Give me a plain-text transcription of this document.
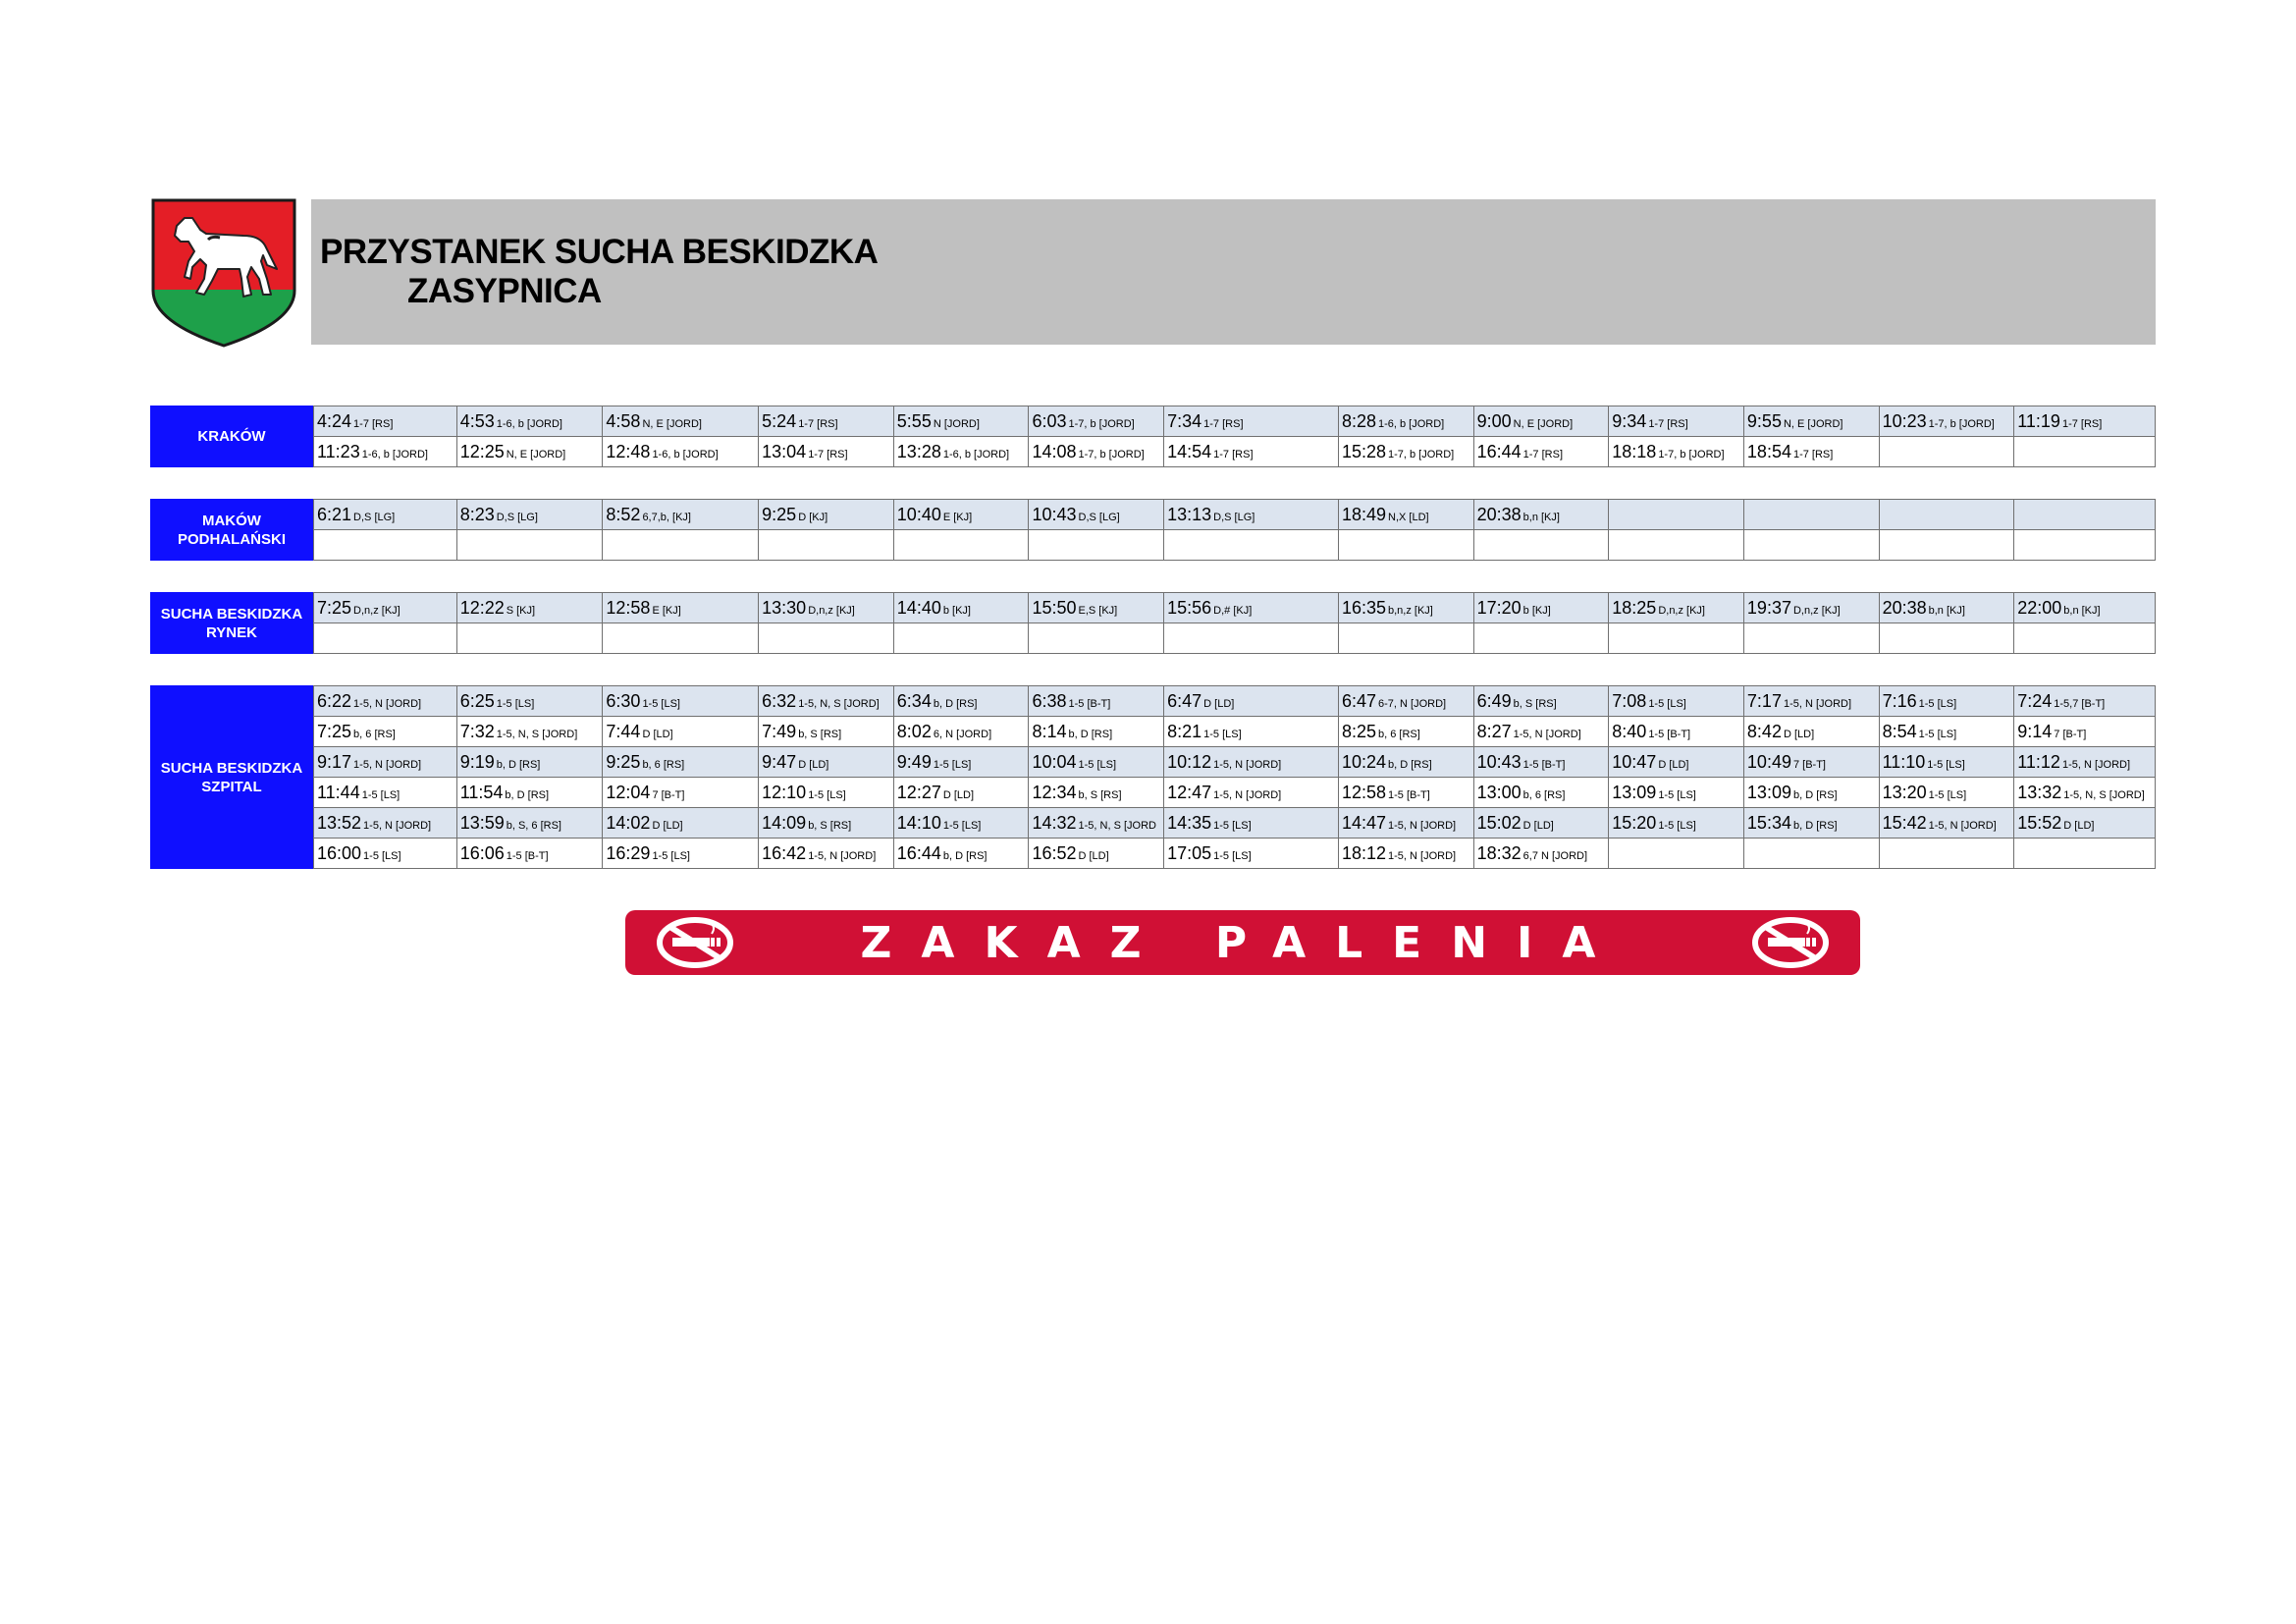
PRZYSTANEK SUCHA BESKIDZKA
ZASYPNICA
KRAKÓW
4:24 1-7 [RS]	4:53 1-6, b [JORD]	4:58 N, E [JORD]	5:24 1-7 [RS]	5:55 N [JORD]	6:03 1-7, b [JORD]	7:34 1-7 [RS]	8:28 1-6, b [JORD]	9:00 N, E [JORD]	9:34 1-7 [RS]	9:55 N, E [JORD]	10:23 1-7, b [JORD]	11:19 1-7 [RS]
11:23 1-6, b [JORD]	12:25 N, E [JORD]	12:48 1-6, b [JORD]	13:04 1-7 [RS]	13:28 1-6, b [JORD]	14:08 1-7, b [JORD]	14:54 1-7 [RS]	15:28 1-7, b [JORD]	16:44 1-7 [RS]	18:18 1-7, b [JORD]	18:54 1-7 [RS]		
MAKÓW
PODHALAŃSKI
6:21 D,S [LG]	8:23 D,S [LG]	8:52 6,7,b, [KJ]	9:25 D [KJ]	10:40 E [KJ]	10:43 D,S [LG]	13:13 D,S [LG]	18:49 N,X [LD]	20:38 b,n [KJ]				

SUCHA BESKIDZKA
RYNEK
7:25 D,n,z [KJ]	12:22 S [KJ]	12:58 E [KJ]	13:30 D,n,z [KJ]	14:40 b [KJ]	15:50 E,S [KJ]	15:56 D,# [KJ]	16:35 b,n,z [KJ]	17:20 b [KJ]	18:25 D,n,z [KJ]	19:37 D,n,z [KJ]	20:38 b,n [KJ]	22:00 b,n [KJ]

SUCHA BESKIDZKA
SZPITAL
6:22 1-5, N [JORD]	6:25 1-5 [LS]	6:30 1-5 [LS]	6:32 1-5, N, S [JORD]	6:34 b, D [RS]	6:38 1-5 [B-T]	6:47 D [LD]	6:47 6-7, N [JORD]	6:49 b, S [RS]	7:08 1-5 [LS]	7:17 1-5, N [JORD]	7:16 1-5 [LS]	7:24 1-5,7 [B-T]
7:25 b, 6 [RS]	7:32 1-5, N, S [JORD]	7:44 D [LD]	7:49 b, S [RS]	8:02 6, N [JORD]	8:14 b, D [RS]	8:21 1-5 [LS]	8:25 b, 6 [RS]	8:27 1-5, N [JORD]	8:40 1-5 [B-T]	8:42 D [LD]	8:54 1-5 [LS]	9:14 7 [B-T]
9:17 1-5, N [JORD]	9:19 b, D [RS]	9:25 b, 6 [RS]	9:47 D [LD]	9:49 1-5 [LS]	10:04 1-5 [LS]	10:12 1-5, N [JORD]	10:24 b, D [RS]	10:43 1-5 [B-T]	10:47 D [LD]	10:49 7 [B-T]	11:10 1-5 [LS]	11:12 1-5, N [JORD]
11:44 1-5 [LS]	11:54 b, D [RS]	12:04 7 [B-T]	12:10 1-5 [LS]	12:27 D [LD]	12:34 b, S [RS]	12:47 1-5, N [JORD]	12:58 1-5 [B-T]	13:00 b, 6 [RS]	13:09 1-5 [LS]	13:09 b, D [RS]	13:20 1-5 [LS]	13:32 1-5, N, S [JORD]
13:52 1-5, N [JORD]	13:59 b, S, 6 [RS]	14:02 D [LD]	14:09 b, S [RS]	14:10 1-5 [LS]	14:32 1-5, N, S [JORD	14:35 1-5 [LS]	14:47 1-5, N [JORD]	15:02 D [LD]	15:20 1-5 [LS]	15:34 b, D [RS]	15:42 1-5, N [JORD]	15:52 D [LD]
16:00 1-5 [LS]	16:06 1-5 [B-T]	16:29 1-5 [LS]	16:42 1-5, N [JORD]	16:44 b, D [RS]	16:52 D [LD]	17:05 1-5 [LS]	18:12 1-5, N [JORD]	18:32 6,7 N [JORD]				
ZAKAZ PALENIA
